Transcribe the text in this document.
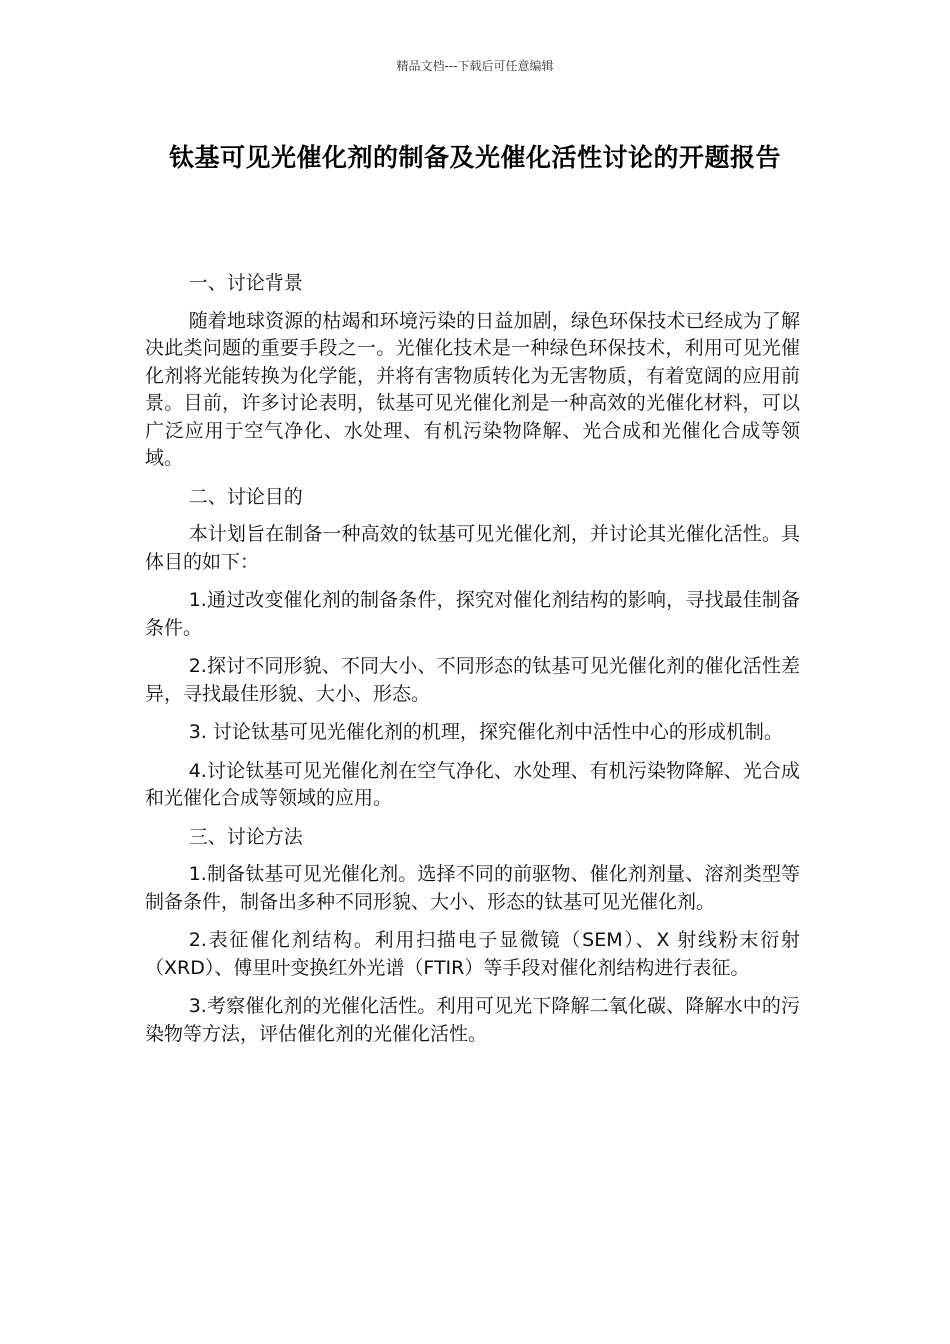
精品文档---下载后可任意编辑
钛基可见光催化剂的制备及光催化活性讨论的开题报告

一、讨论背景

随着地球资源的枯竭和环境污染的日益加剧，绿色环保技术已经成为了解决此类问题的重要手段之一。光催化技术是一种绿色环保技术，利用可见光催化剂将光能转换为化学能，并将有害物质转化为无害物质，有着宽阔的应用前景。目前，许多讨论表明，钛基可见光催化剂是一种高效的光催化材料，可以广泛应用于空气净化、水处理、有机污染物降解、光合成和光催化合成等领域。

二、讨论目的

本计划旨在制备一种高效的钛基可见光催化剂，并讨论其光催化活性。具体目的如下：

1.通过改变催化剂的制备条件，探究对催化剂结构的影响，寻找最佳制备条件。

2.探讨不同形貌、不同大小、不同形态的钛基可见光催化剂的催化活性差异，寻找最佳形貌、大小、形态。

3. 讨论钛基可见光催化剂的机理，探究催化剂中活性中心的形成机制。

4.讨论钛基可见光催化剂在空气净化、水处理、有机污染物降解、光合成和光催化合成等领域的应用。

三、讨论方法

1.制备钛基可见光催化剂。选择不同的前驱物、催化剂剂量、溶剂类型等制备条件，制备出多种不同形貌、大小、形态的钛基可见光催化剂。

2.表征催化剂结构。利用扫描电子显微镜（SEM）、X 射线粉末衍射（XRD）、傅里叶变换红外光谱（FTIR）等手段对催化剂结构进行表征。

3.考察催化剂的光催化活性。利用可见光下降解二氧化碳、降解水中的污染物等方法，评估催化剂的光催化活性。
